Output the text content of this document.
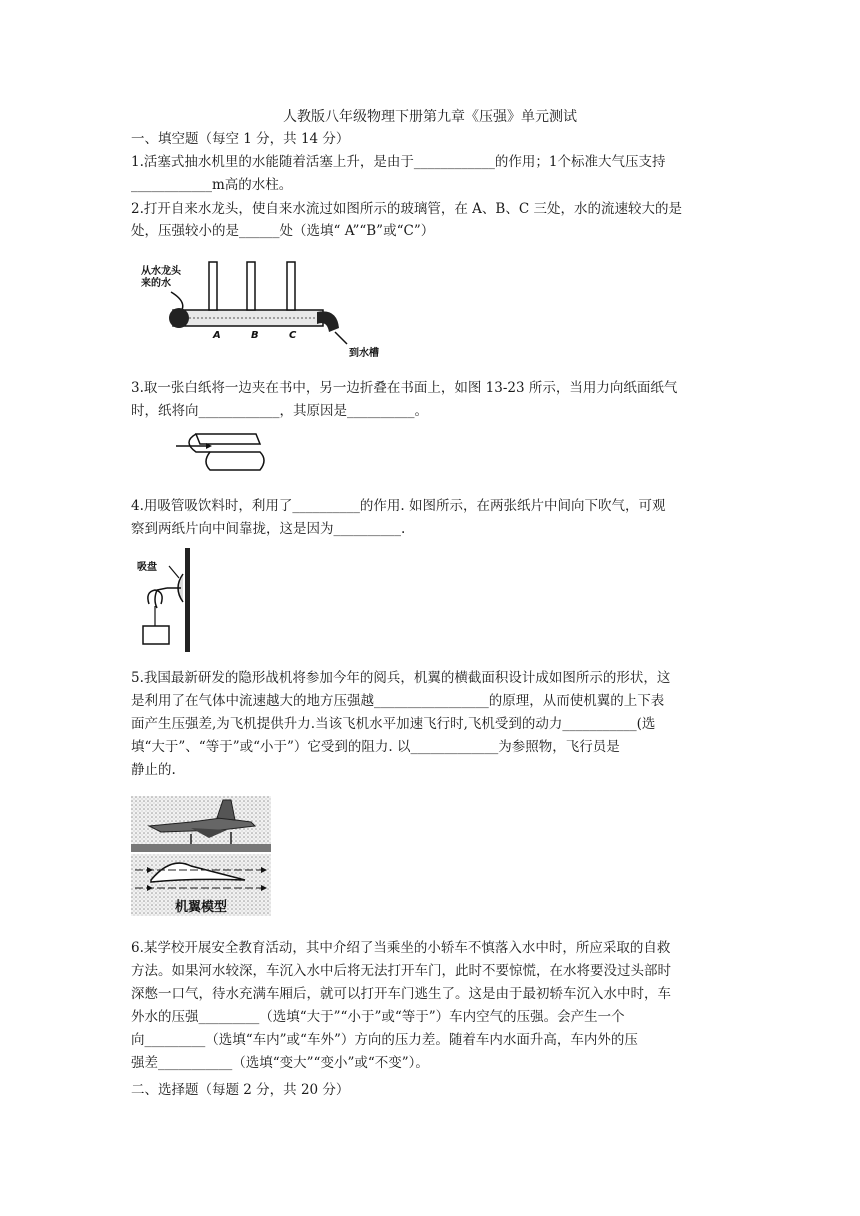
人教版八年级物理下册第九章《压强》单元测试
一、填空题（每空 1 分，共 14 分）
1.活塞式抽水机里的水能随着活塞上升，是由于____________的作用；1个标准大气压支持
____________m高的水柱。
2.打开自来水龙头，使自来水流过如图所示的玻璃管，在 A、B、C 三处，水的流速较大的是
处，压强较小的是______处（选填“ A”“B”或“C”）
从水龙头
来的水
A	B	C
到水槽
3.取一张白纸将一边夹在书中，另一边折叠在书面上，如图 13-23 所示，当用力向纸面纸气
时，纸将向____________，其原因是__________。
4.用吸管吸饮料时，利用了__________的作用. 如图所示，在两张纸片中间向下吹气，可观
察到两纸片向中间靠拢，这是因为__________.
吸盘
5.我国最新研发的隐形战机将参加今年的阅兵，机翼的横截面积设计成如图所示的形状，这
是利用了在气体中流速越大的地方压强越_________________的原理，从而使机翼的上下表
面产生压强差,为飞机提供升力.当该飞机水平加速飞行时,飞机受到的动力___________(选
填“大于”、“等于”或“小于”）它受到的阻力. 以_____________为参照物，飞行员是
静止的.
机翼模型
6.某学校开展安全教育活动，其中介绍了当乘坐的小轿车不慎落入水中时，所应采取的自救
方法。如果河水较深，车沉入水中后将无法打开车门，此时不要惊慌，在水将要没过头部时
深憋一口气，待水充满车厢后，就可以打开车门逃生了。这是由于最初轿车沉入水中时，车
外水的压强_________（选填“大于”“小于”或“等于”）车内空气的压强。会产生一个
向_________（选填“车内”或“车外”）方向的压力差。随着车内水面升高，车内外的压
强差___________（选填“变大”“变小”或“不变”）。
二、选择题（每题 2 分，共 20 分）
